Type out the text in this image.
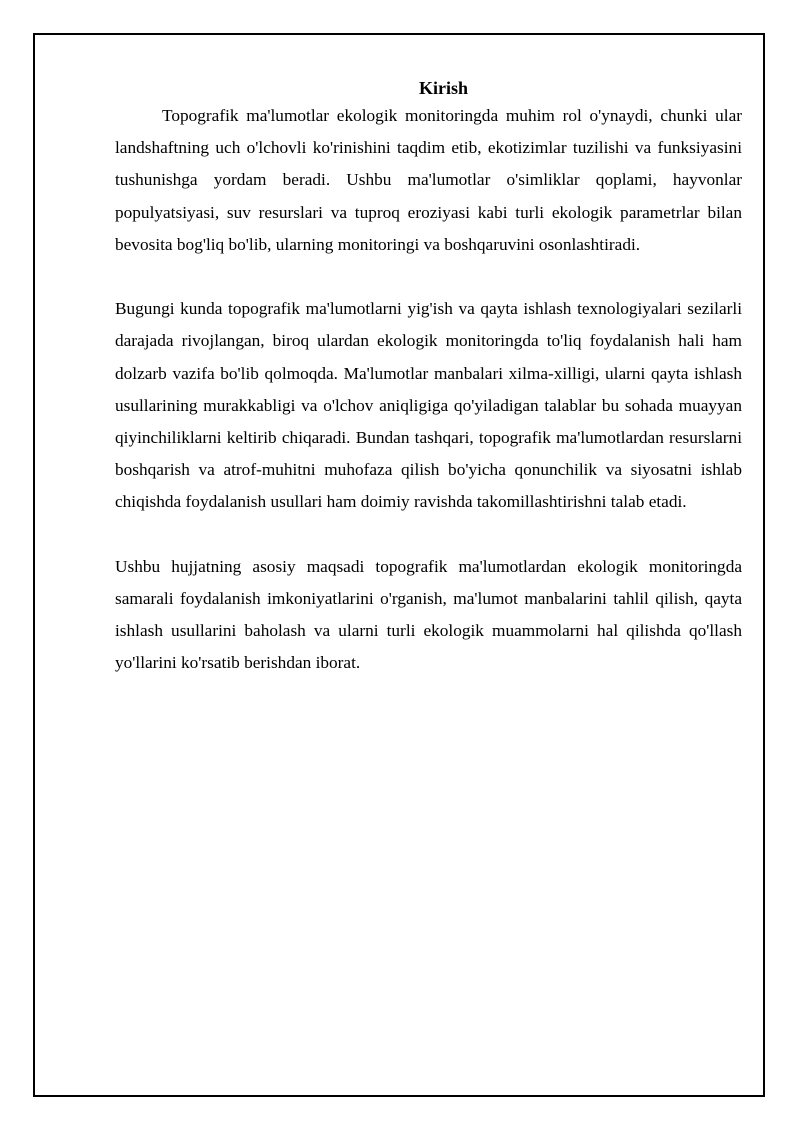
Kirish

Topografik ma'lumotlar ekologik monitoringda muhim rol o'ynaydi, chunki ular landshaftning uch o'lchovli ko'rinishini taqdim etib, ekotizimlar tuzilishi va funksiyasini tushunishga yordam beradi. Ushbu ma'lumotlar o'simliklar qoplami, hayvonlar populyatsiyasi, suv resurslari va tuproq eroziyasi kabi turli ekologik parametrlar bilan bevosita bog'liq bo'lib, ularning monitoringi va boshqaruvini osonlashtiradi.

Bugungi kunda topografik ma'lumotlarni yig'ish va qayta ishlash texnologiyalari sezilarli darajada rivojlangan, biroq ulardan ekologik monitoringda to'liq foydalanish hali ham dolzarb vazifa bo'lib qolmoqda. Ma'lumotlar manbalari xilma-xilligi, ularni qayta ishlash usullarining murakkabligi va o'lchov aniqligiga qo'yiladigan talablar bu sohada muayyan qiyinchiliklarni keltirib chiqaradi. Bundan tashqari, topografik ma'lumotlardan resurslarni boshqarish va atrof-muhitni muhofaza qilish bo'yicha qonunchilik va siyosatni ishlab chiqishda foydalanish usullari ham doimiy ravishda takomillashtirishni talab etadi.

Ushbu hujjatning asosiy maqsadi topografik ma'lumotlardan ekologik monitoringda samarali foydalanish imkoniyatlarini o'rganish, ma'lumot manbalarini tahlil qilish, qayta ishlash usullarini baholash va ularni turli ekologik muammolarni hal qilishda qo'llash yo'llarini ko'rsatib berishdan iborat.
